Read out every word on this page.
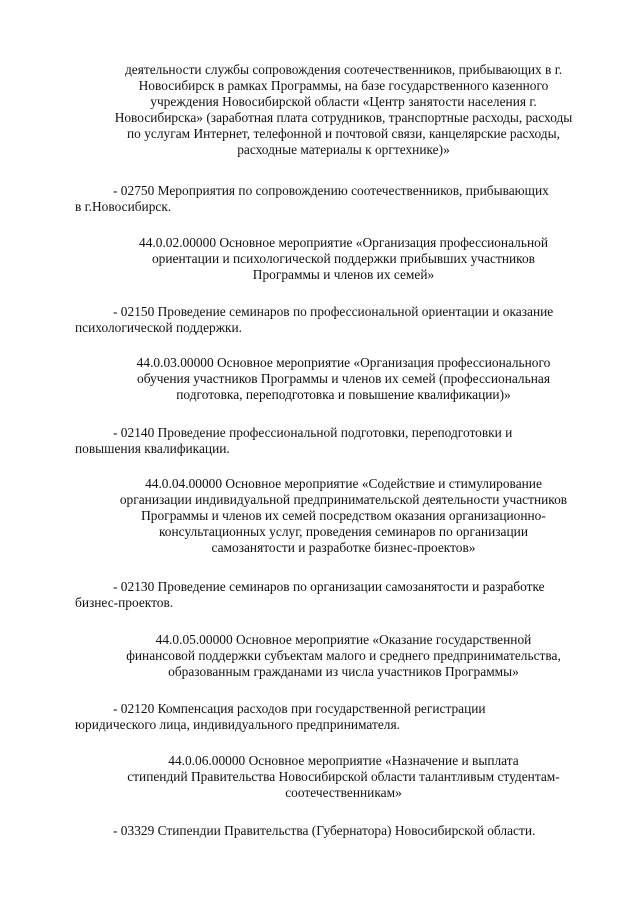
деятельности службы сопровождения соотечественников, прибывающих в г.
Новосибирск в рамках Программы, на базе государственного казенного
учреждения Новосибирской области «Центр занятости населения г.
Новосибирска» (заработная плата сотрудников, транспортные расходы, расходы
по услугам Интернет, телефонной и почтовой связи, канцелярские расходы,
расходные материалы к оргтехнике)»
- 02750 Мероприятия по сопровождению соотечественников, прибывающих
в г.Новосибирск.
44.0.02.00000 Основное мероприятие «Организация профессиональной
ориентации и психологической поддержки прибывших участников
Программы и членов их семей»
- 02150 Проведение семинаров по профессиональной ориентации и оказание
психологической поддержки.
44.0.03.00000 Основное мероприятие «Организация профессионального
обучения участников Программы и членов их семей (профессиональная
подготовка, переподготовка и повышение квалификации)»
- 02140 Проведение профессиональной подготовки, переподготовки и
повышения квалификации.
44.0.04.00000 Основное мероприятие «Содействие и стимулирование
организации индивидуальной предпринимательской деятельности участников
Программы и членов их семей посредством оказания организационно-
консультационных услуг, проведения семинаров по организации
самозанятости и разработке бизнес-проектов»
- 02130 Проведение семинаров по организации самозанятости и разработке
бизнес-проектов.
44.0.05.00000 Основное мероприятие «Оказание государственной
финансовой поддержки субъектам малого и среднего предпринимательства,
образованным гражданами из числа участников Программы»
- 02120 Компенсация расходов при государственной регистрации
юридического лица, индивидуального предпринимателя.
44.0.06.00000 Основное мероприятие «Назначение и выплата
стипендий Правительства Новосибирской области талантливым студентам-
соотечественникам»
- 03329 Стипендии Правительства (Губернатора) Новосибирской области.
